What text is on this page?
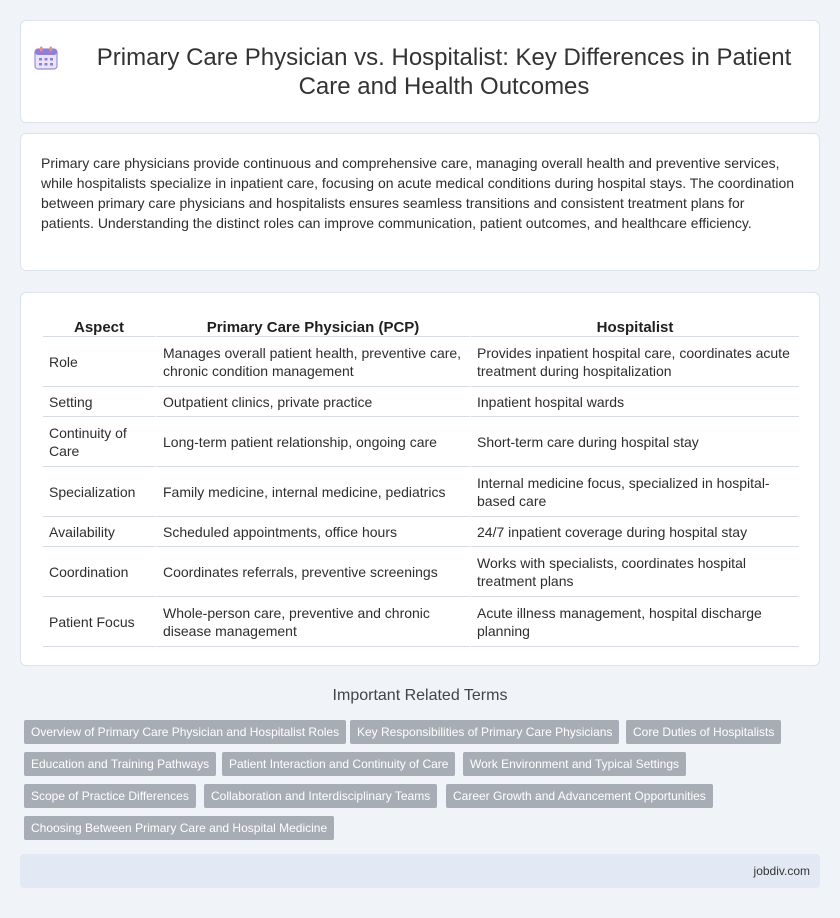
Primary Care Physician vs. Hospitalist: Key Differences in Patient Care and Health Outcomes

Primary care physicians provide continuous and comprehensive care, managing overall health and preventive services, while hospitalists specialize in inpatient care, focusing on acute medical conditions during hospital stays. The coordination between primary care physicians and hospitalists ensures seamless transitions and consistent treatment plans for patients. Understanding the distinct roles can improve communication, patient outcomes, and healthcare efficiency.

Aspect	Primary Care Physician (PCP)	Hospitalist
Role	Manages overall patient health, preventive care, chronic condition management	Provides inpatient hospital care, coordinates acute treatment during hospitalization
Setting	Outpatient clinics, private practice	Inpatient hospital wards
Continuity of Care	Long-term patient relationship, ongoing care	Short-term care during hospital stay
Specialization	Family medicine, internal medicine, pediatrics	Internal medicine focus, specialized in hospital-based care
Availability	Scheduled appointments, office hours	24/7 inpatient coverage during hospital stay
Coordination	Coordinates referrals, preventive screenings	Works with specialists, coordinates hospital treatment plans
Patient Focus	Whole-person care, preventive and chronic disease management	Acute illness management, hospital discharge planning
Important Related Terms
Overview of Primary Care Physician and Hospitalist Roles	Key Responsibilities of Primary Care Physicians	Core Duties of Hospitalists
Education and Training Pathways	Patient Interaction and Continuity of Care	Work Environment and Typical Settings
Scope of Practice Differences	Collaboration and Interdisciplinary Teams	Career Growth and Advancement Opportunities
Choosing Between Primary Care and Hospital Medicine
jobdiv.com
